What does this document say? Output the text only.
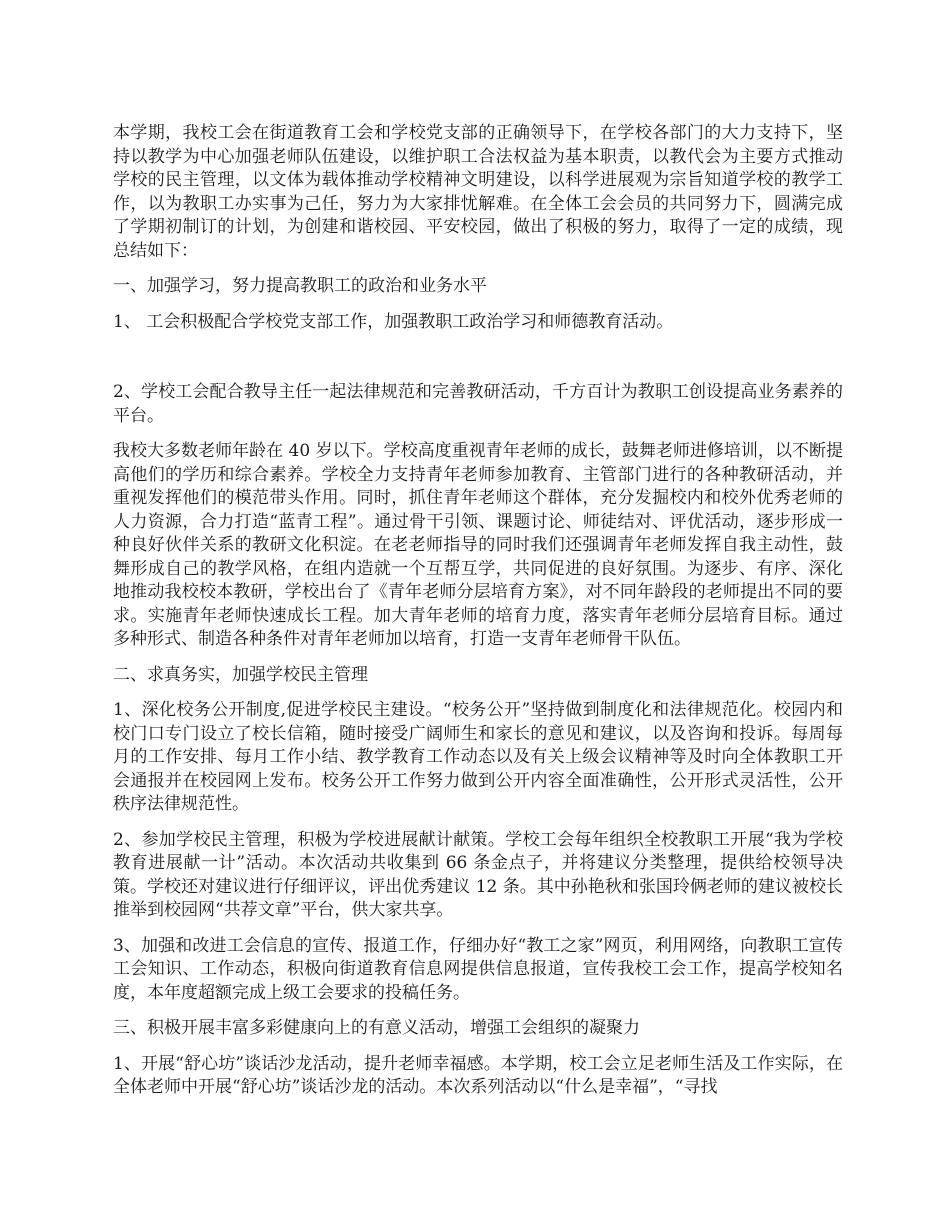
本学期，我校工会在街道教育工会和学校党支部的正确领导下，在学校各部门的大力支持下，坚持以教学为中心加强老师队伍建设，以维护职工合法权益为基本职责，以教代会为主要方式推动学校的民主管理，以文体为载体推动学校精神文明建设，以科学进展观为宗旨知道学校的教学工作，以为教职工办实事为己任，努力为大家排忧解难。在全体工会会员的共同努力下，圆满完成了学期初制订的计划，为创建和谐校园、平安校园，做出了积极的努力，取得了一定的成绩，现总结如下：

一、加强学习，努力提高教职工的政治和业务水平

1、 工会积极配合学校党支部工作，加强教职工政治学习和师德教育活动。

2、学校工会配合教导主任一起法律规范和完善教研活动，千方百计为教职工创设提高业务素养的平台。

我校大多数老师年龄在 40 岁以下。学校高度重视青年老师的成长，鼓舞老师进修培训，以不断提高他们的学历和综合素养。学校全力支持青年老师参加教育、主管部门进行的各种教研活动，并重视发挥他们的模范带头作用。同时，抓住青年老师这个群体，充分发掘校内和校外优秀老师的人力资源，合力打造“蓝青工程”。通过骨干引领、课题讨论、师徒结对、评优活动，逐步形成一种良好伙伴关系的教研文化积淀。在老老师指导的同时我们还强调青年老师发挥自我主动性，鼓舞形成自己的教学风格，在组内造就一个互帮互学，共同促进的良好氛围。为逐步、有序、深化地推动我校校本教研，学校出台了《青年老师分层培育方案》，对不同年龄段的老师提出不同的要求。实施青年老师快速成长工程。加大青年老师的培育力度，落实青年老师分层培育目标。通过多种形式、制造各种条件对青年老师加以培育，打造一支青年老师骨干队伍。

二、求真务实，加强学校民主管理

1、深化校务公开制度,促进学校民主建设。“校务公开”坚持做到制度化和法律规范化。校园内和校门口专门设立了校长信箱，随时接受广阔师生和家长的意见和建议，以及咨询和投诉。每周每月的工作安排、每月工作小结、教学教育工作动态以及有关上级会议精神等及时向全体教职工开会通报并在校园网上发布。校务公开工作努力做到公开内容全面准确性，公开形式灵活性，公开秩序法律规范性。

2、参加学校民主管理，积极为学校进展献计献策。学校工会每年组织全校教职工开展“我为学校教育进展献一计”活动。本次活动共收集到 66 条金点子，并将建议分类整理，提供给校领导决策。学校还对建议进行仔细评议，评出优秀建议 12 条。其中孙艳秋和张国玲俩老师的建议被校长推举到校园网“共荐文章”平台，供大家共享。

3、加强和改进工会信息的宣传、报道工作，仔细办好“教工之家”网页，利用网络，向教职工宣传工会知识、工作动态，积极向街道教育信息网提供信息报道，宣传我校工会工作，提高学校知名度，本年度超额完成上级工会要求的投稿任务。

三、积极开展丰富多彩健康向上的有意义活动，增强工会组织的凝聚力

1、开展“舒心坊”谈话沙龙活动，提升老师幸福感。本学期，校工会立足老师生活及工作实际，在全体老师中开展“舒心坊”谈话沙龙的活动。本次系列活动以“什么是幸福”，“寻找
